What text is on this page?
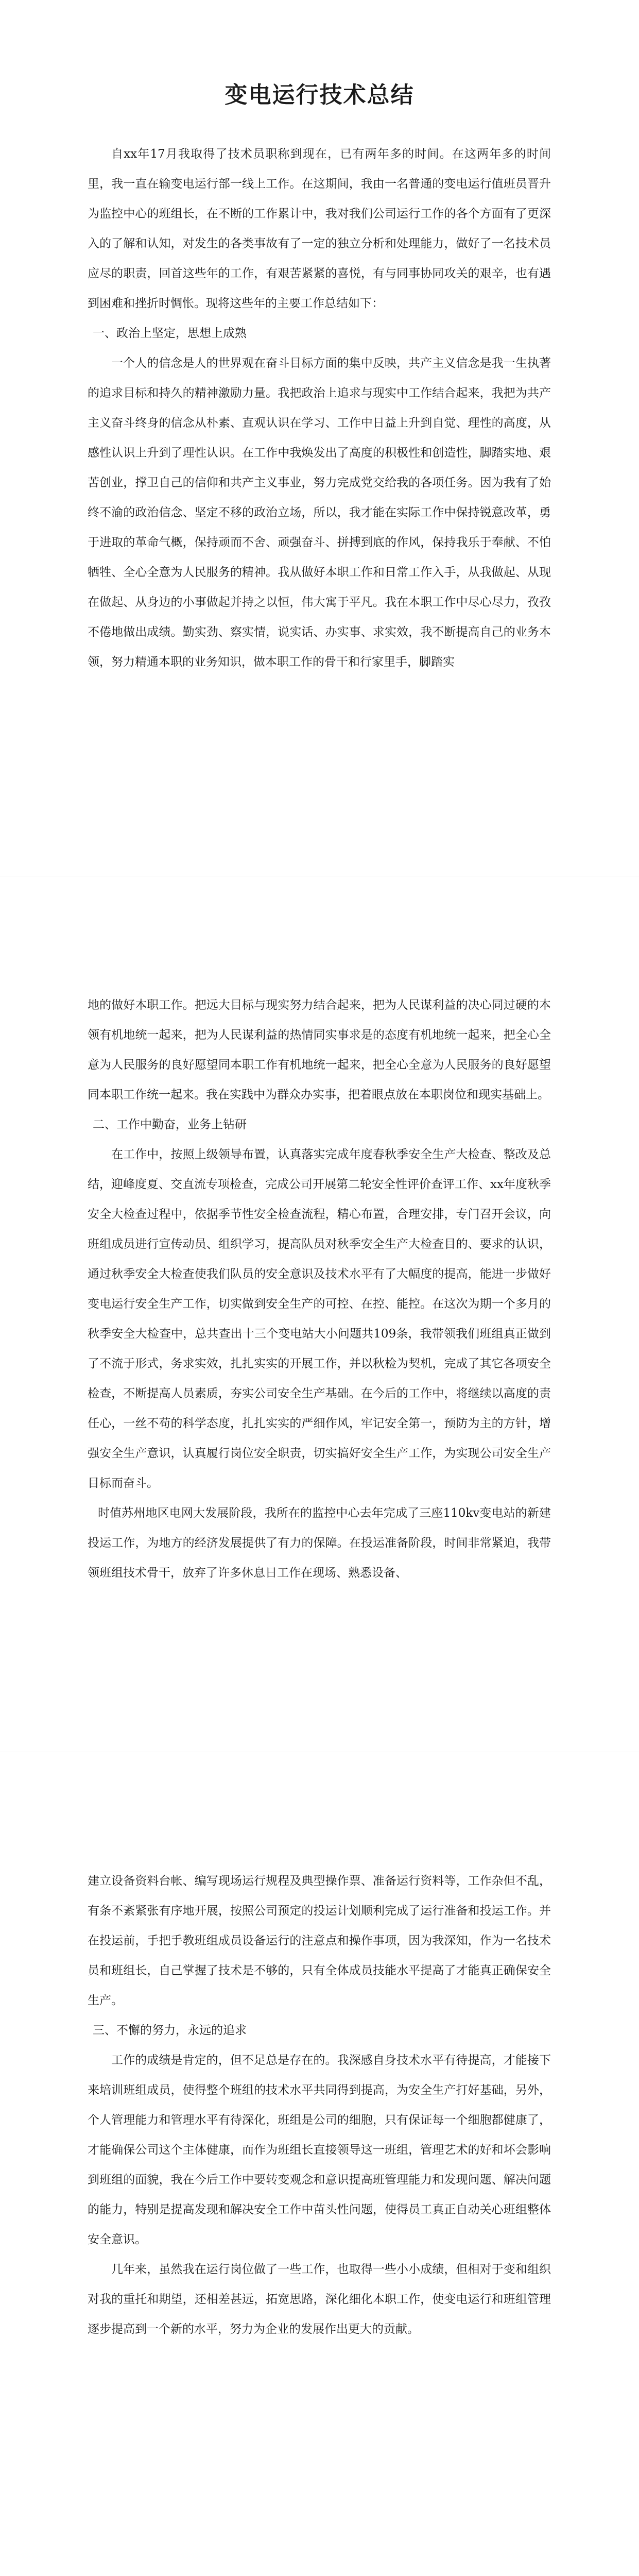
变电运行技术总结

自xx年17月我取得了技术员职称到现在，已有两年多的时间。在这两年多的时间里，我一直在输变电运行部一线上工作。在这期间，我由一名普通的变电运行值班员晋升为监控中心的班组长，在不断的工作累计中，我对我们公司运行工作的各个方面有了更深入的了解和认知，对发生的各类事故有了一定的独立分析和处理能力，做好了一名技术员应尽的职责，回首这些年的工作，有艰苦紧紧的喜悦，有与同事协同攻关的艰辛，也有遇到困难和挫折时惆怅。现将这些年的主要工作总结如下：

一、政治上坚定，思想上成熟

一个人的信念是人的世界观在奋斗目标方面的集中反映，共产主义信念是我一生执著的追求目标和持久的精神激励力量。我把政治上追求与现实中工作结合起来，我把为共产主义奋斗终身的信念从朴素、直观认识在学习、工作中日益上升到自觉、理性的高度，从感性认识上升到了理性认识。在工作中我焕发出了高度的积极性和创造性，脚踏实地、艰苦创业，撑卫自己的信仰和共产主义事业，努力完成党交给我的各项任务。因为我有了始终不渝的政治信念、坚定不移的政治立场，所以，我才能在实际工作中保持锐意改革，勇于进取的革命气概，保持顽而不舍、顽强奋斗、拼搏到底的作风，保持我乐于奉献、不怕牺牲、全心全意为人民服务的精神。我从做好本职工作和日常工作入手，从我做起、从现在做起、从身边的小事做起并持之以恒，伟大寓于平凡。我在本职工作中尽心尽力，孜孜不倦地做出成绩。勤实劲、察实情，说实话、办实事、求实效，我不断提高自己的业务本领，努力精通本职的业务知识，做本职工作的骨干和行家里手，脚踏实

地的做好本职工作。把远大目标与现实努力结合起来，把为人民谋利益的决心同过硬的本领有机地统一起来，把为人民谋利益的热情同实事求是的态度有机地统一起来，把全心全意为人民服务的良好愿望同本职工作有机地统一起来，把全心全意为人民服务的良好愿望同本职工作统一起来。我在实践中为群众办实事，把着眼点放在本职岗位和现实基础上。

二、工作中勤奋，业务上钻研

在工作中，按照上级领导布置，认真落实完成年度春秋季安全生产大检查、整改及总结，迎峰度夏、交直流专项检查，完成公司开展第二轮安全性评价查评工作、xx年度秋季安全大检查过程中，依据季节性安全检查流程，精心布置，合理安排，专门召开会议，向班组成员进行宣传动员、组织学习，提高队员对秋季安全生产大检查目的、要求的认识，通过秋季安全大检查使我们队员的安全意识及技术水平有了大幅度的提高，能进一步做好变电运行安全生产工作，切实做到安全生产的可控、在控、能控。在这次为期一个多月的秋季安全大检查中，总共查出十三个变电站大小问题共109条，我带领我们班组真正做到了不流于形式，务求实效，扎扎实实的开展工作，并以秋检为契机，完成了其它各项安全检查，不断提高人员素质，夯实公司安全生产基础。在今后的工作中，将继续以高度的责任心，一丝不苟的科学态度，扎扎实实的严细作风，牢记安全第一，预防为主的方针，增强安全生产意识，认真履行岗位安全职责，切实搞好安全生产工作，为实现公司安全生产目标而奋斗。

时值苏州地区电网大发展阶段，我所在的监控中心去年完成了三座110kv变电站的新建投运工作，为地方的经济发展提供了有力的保障。在投运准备阶段，时间非常紧迫，我带领班组技术骨干，放弃了许多休息日工作在现场、熟悉设备、

建立设备资料台帐、编写现场运行规程及典型操作票、准备运行资料等，工作杂但不乱，有条不紊紧张有序地开展，按照公司预定的投运计划顺利完成了运行准备和投运工作。并在投运前，手把手教班组成员设备运行的注意点和操作事项，因为我深知，作为一名技术员和班组长，自己掌握了技术是不够的，只有全体成员技能水平提高了才能真正确保安全生产。

三、不懈的努力，永远的追求

工作的成绩是肯定的，但不足总是存在的。我深感自身技术水平有待提高，才能接下来培训班组成员，使得整个班组的技术水平共同得到提高，为安全生产打好基础，另外，个人管理能力和管理水平有待深化，班组是公司的细胞，只有保证每一个细胞都健康了，才能确保公司这个主体健康，而作为班组长直接领导这一班组，管理艺术的好和坏会影响到班组的面貌，我在今后工作中要转变观念和意识提高班管理能力和发现问题、解决问题的能力，特别是提高发现和解决安全工作中苗头性问题，使得员工真正自动关心班组整体安全意识。

几年来，虽然我在运行岗位做了一些工作，也取得一些小小成绩，但相对于变和组织对我的重托和期望，还相差甚远，拓宽思路，深化细化本职工作，使变电运行和班组管理逐步提高到一个新的水平，努力为企业的发展作出更大的贡献。
